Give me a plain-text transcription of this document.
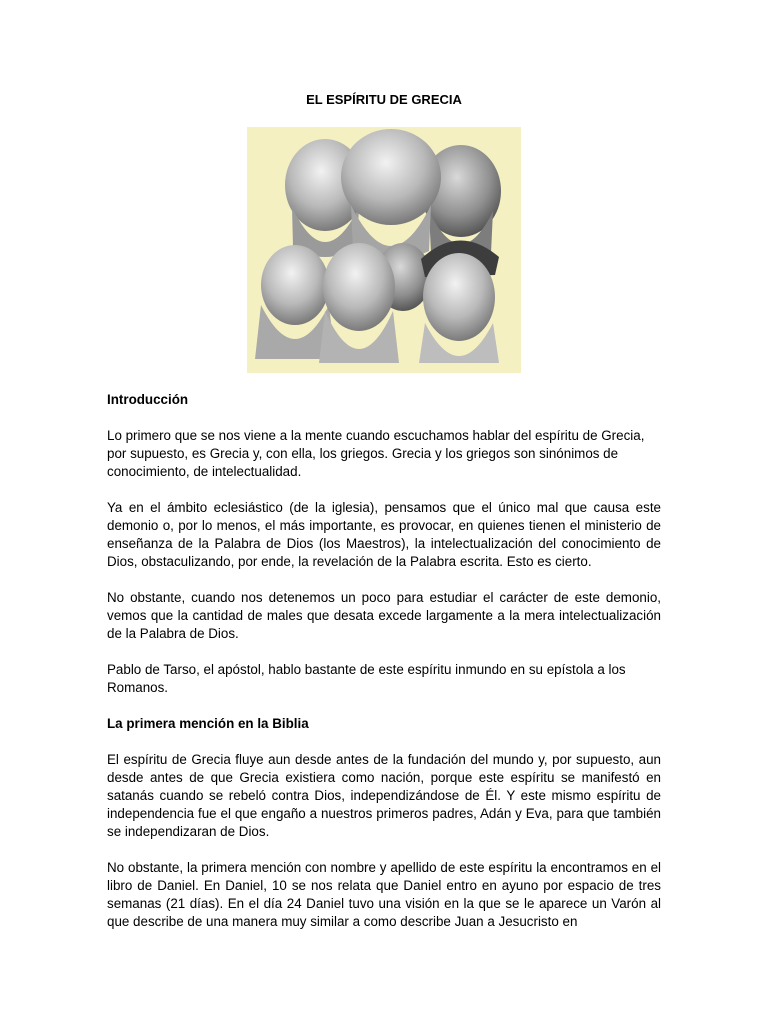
EL ESPÍRITU DE GRECIA
Introducción

Lo primero que se nos viene a la mente cuando escuchamos hablar del espíritu de Grecia, por supuesto, es Grecia y, con ella, los griegos. Grecia y los griegos son sinónimos de conocimiento, de intelectualidad.

Ya en el ámbito eclesiástico (de la iglesia), pensamos que el único mal que causa este demonio o, por lo menos, el más importante, es provocar, en quienes tienen el ministerio de enseñanza de la Palabra de Dios (los Maestros), la intelectualización del conocimiento de Dios, obstaculizando, por ende, la revelación de la Palabra escrita. Esto es cierto.

No obstante, cuando nos detenemos un poco para estudiar el carácter de este demonio, vemos que la cantidad de males que desata excede largamente a la mera intelectualización de la Palabra de Dios.

Pablo de Tarso, el apóstol, hablo bastante de este espíritu inmundo en su epístola a los Romanos.

La primera mención en la Biblia

El espíritu de Grecia fluye aun desde antes de la fundación del mundo y, por supuesto, aun desde antes de que Grecia existiera como nación, porque este espíritu se manifestó en satanás cuando se rebeló contra Dios, independizándose de Él. Y este mismo espíritu de independencia fue el que engaño a nuestros primeros padres, Adán y Eva, para que también se independizaran de Dios.

No obstante, la primera mención con nombre y apellido de este espíritu la encontramos en el libro de Daniel. En Daniel, 10 se nos relata que Daniel entro en ayuno por espacio de tres semanas (21 días). En el día 24 Daniel tuvo una visión en la que se le aparece un Varón al que describe de una manera muy similar a como describe Juan a Jesucristo en
